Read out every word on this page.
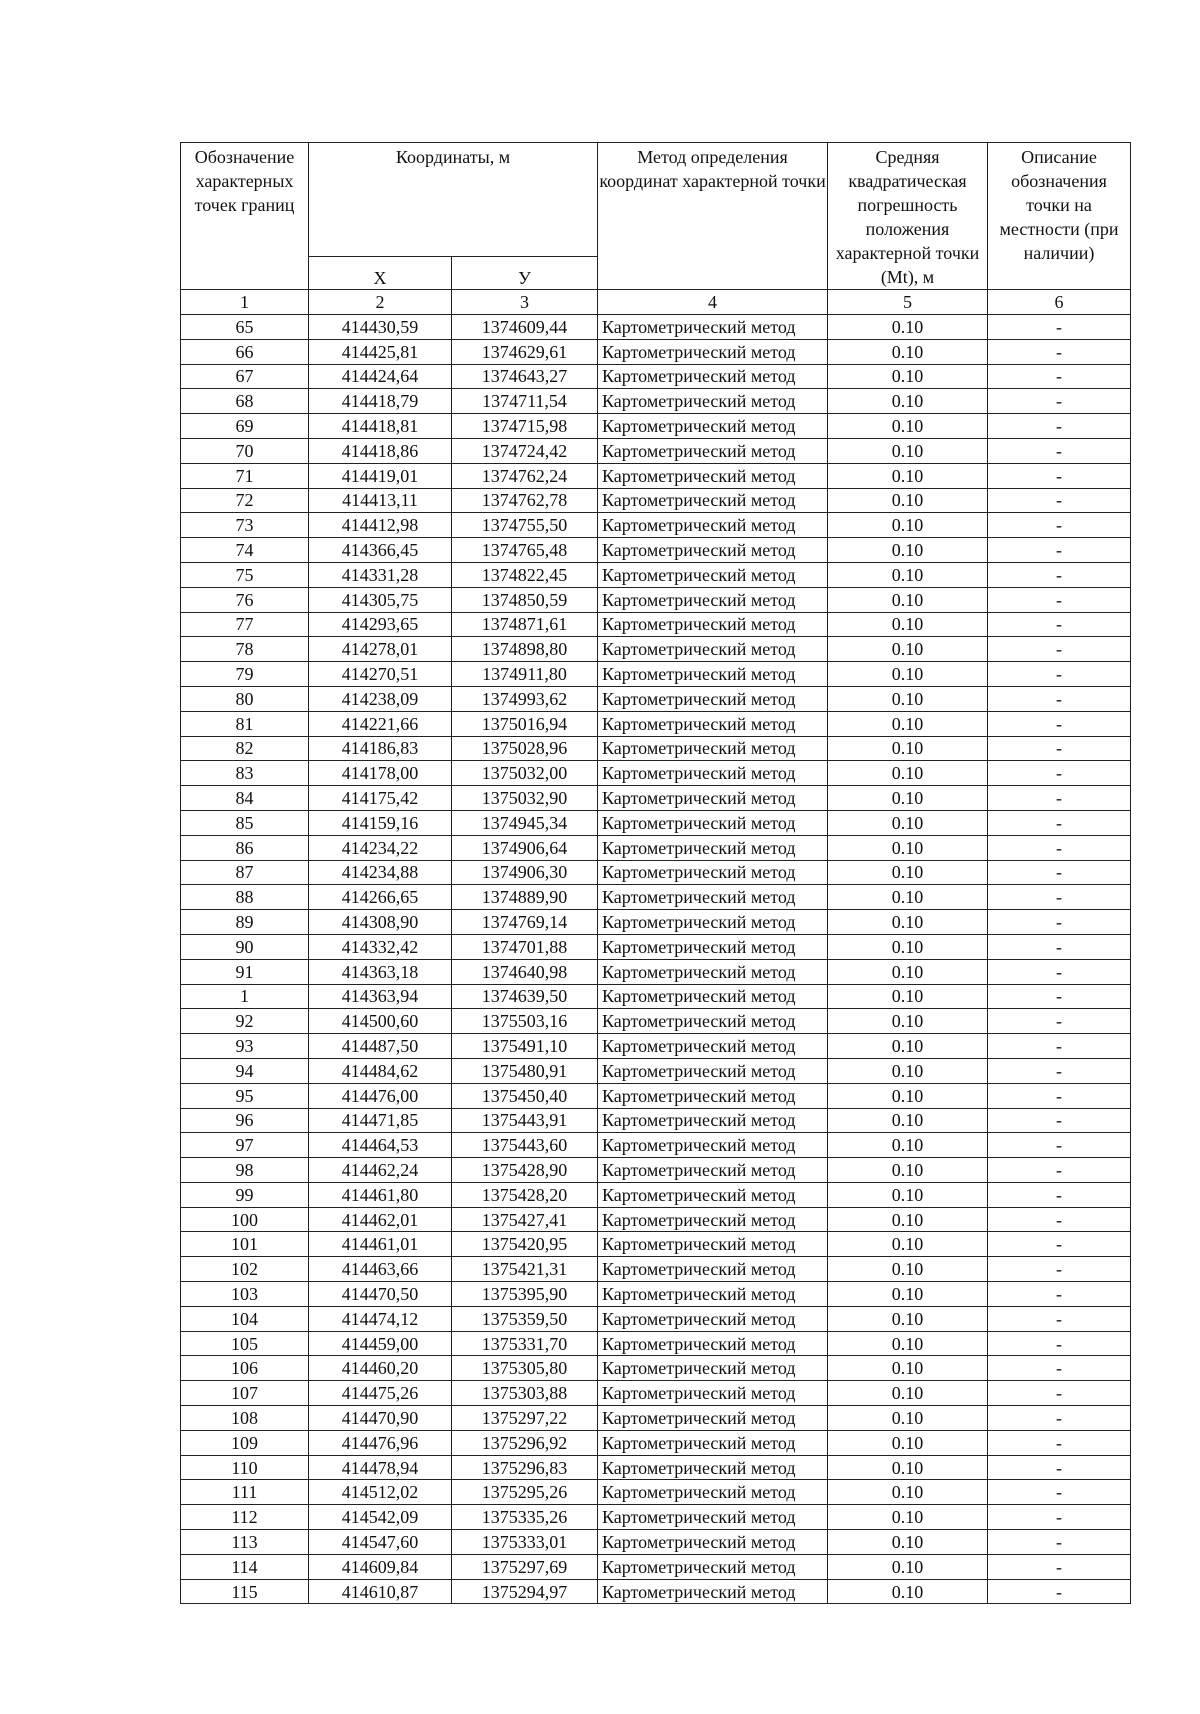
Обозначение характерных точек границ	Координаты, м		Метод определения координат характерной точки	Средняя квадратическая погрешность положения характерной точки (Mt), м	Описание обозначения точки на местности (при наличии)
	X	У			
1	2	3	4	5	6
65	414430,59	1374609,44	Картометрический метод	0.10	-
66	414425,81	1374629,61	Картометрический метод	0.10	-
67	414424,64	1374643,27	Картометрический метод	0.10	-
68	414418,79	1374711,54	Картометрический метод	0.10	-
69	414418,81	1374715,98	Картометрический метод	0.10	-
70	414418,86	1374724,42	Картометрический метод	0.10	-
71	414419,01	1374762,24	Картометрический метод	0.10	-
72	414413,11	1374762,78	Картометрический метод	0.10	-
73	414412,98	1374755,50	Картометрический метод	0.10	-
74	414366,45	1374765,48	Картометрический метод	0.10	-
75	414331,28	1374822,45	Картометрический метод	0.10	-
76	414305,75	1374850,59	Картометрический метод	0.10	-
77	414293,65	1374871,61	Картометрический метод	0.10	-
78	414278,01	1374898,80	Картометрический метод	0.10	-
79	414270,51	1374911,80	Картометрический метод	0.10	-
80	414238,09	1374993,62	Картометрический метод	0.10	-
81	414221,66	1375016,94	Картометрический метод	0.10	-
82	414186,83	1375028,96	Картометрический метод	0.10	-
83	414178,00	1375032,00	Картометрический метод	0.10	-
84	414175,42	1375032,90	Картометрический метод	0.10	-
85	414159,16	1374945,34	Картометрический метод	0.10	-
86	414234,22	1374906,64	Картометрический метод	0.10	-
87	414234,88	1374906,30	Картометрический метод	0.10	-
88	414266,65	1374889,90	Картометрический метод	0.10	-
89	414308,90	1374769,14	Картометрический метод	0.10	-
90	414332,42	1374701,88	Картометрический метод	0.10	-
91	414363,18	1374640,98	Картометрический метод	0.10	-
1	414363,94	1374639,50	Картометрический метод	0.10	-
92	414500,60	1375503,16	Картометрический метод	0.10	-
93	414487,50	1375491,10	Картометрический метод	0.10	-
94	414484,62	1375480,91	Картометрический метод	0.10	-
95	414476,00	1375450,40	Картометрический метод	0.10	-
96	414471,85	1375443,91	Картометрический метод	0.10	-
97	414464,53	1375443,60	Картометрический метод	0.10	-
98	414462,24	1375428,90	Картометрический метод	0.10	-
99	414461,80	1375428,20	Картометрический метод	0.10	-
100	414462,01	1375427,41	Картометрический метод	0.10	-
101	414461,01	1375420,95	Картометрический метод	0.10	-
102	414463,66	1375421,31	Картометрический метод	0.10	-
103	414470,50	1375395,90	Картометрический метод	0.10	-
104	414474,12	1375359,50	Картометрический метод	0.10	-
105	414459,00	1375331,70	Картометрический метод	0.10	-
106	414460,20	1375305,80	Картометрический метод	0.10	-
107	414475,26	1375303,88	Картометрический метод	0.10	-
108	414470,90	1375297,22	Картометрический метод	0.10	-
109	414476,96	1375296,92	Картометрический метод	0.10	-
110	414478,94	1375296,83	Картометрический метод	0.10	-
111	414512,02	1375295,26	Картометрический метод	0.10	-
112	414542,09	1375335,26	Картометрический метод	0.10	-
113	414547,60	1375333,01	Картометрический метод	0.10	-
114	414609,84	1375297,69	Картометрический метод	0.10	-
115	414610,87	1375294,97	Картометрический метод	0.10	-
